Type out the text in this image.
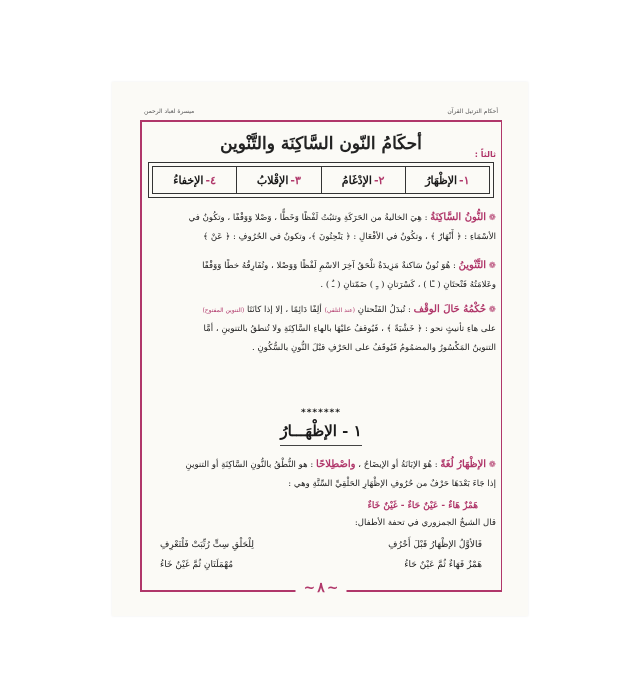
أحكام الترتيل القرآن
ميسرة لعباد الرحمن
~ ٨ ~
أحكَامُ النّون السَّاكِنَة والتَّنْوين
ثالثاً :
١-
الإظْهَارُ
٢-
الإدْغَامُ
٣-
الإقْلابُ
٤-
الإخفاءُ
❁ النُّونُ السَّاكِنَةُ : هِيَ الخاليةُ من الحَرَكَةِ وتثبُتُ لَفْظًا وَخَطًّا ، وَصْلا وَوَقْفًا ، وتكُونُ في
الأسْمَاءِ : ﴿ أَنْهَارٌ ﴾ ، وتكُونُ في الأفْعَالِ : ﴿ يَنْحِتُونَ ﴾، وتكونُ في الحُرُوفِ : ﴿ عَنْ ﴾
❁ التَّنْوينُ : هُوَ نُونٌ سَاكنةٌ مَزِيدَةٌ تلْحَقُ آخِرَ الاسْمِ لَفْظًا وَوَصْلا ، وتُفَارِقُهُ خطًا وَوَقْفًا
وعَلامَتُهُ فَتْحتَانِ ( ـًا ) ، كَسْرَتانِ ( ـٍ ) ضَمّتانِ ( ـٌ ) .
❁ حُكْمُهُ حَالَ الوقْف : تُبدَلُ الفَتْحتانِ (عند التلقي) ألِفًا دَائِمًا ، إلا إذا كانَتَا (التنوين المفتوح)
على هاءِ تأنيثٍ نحو : ﴿ خَشْيَةً ﴾ ، فَيُوقفُ عليْهَا بالهاءِ السَّاكِنَةِ ولا تُنطقُ بالتنوينِ ، أمَّا
التنوينُ المَكْسُورُ والمضمُومُ فَيُوقَفُ على الحَرْفِ قبْلَ النُّونِ بالسُّكُونِ .
*******
١ - الإظْهَـــارُ
❁ الإظْهَارُ لُغَةً : هُوَ الإبَانَةُ أو الإيضَاحُ ، واصْطِلاحًا : هو النُّطْقُ بالنُّونِ السَّاكِنَةِ أو التنوينِ
إذا جَاءَ بَعْدَهَا حَرْفٌ من حُرُوفِ الإظْهَارِ الحَلْقِيِّ السِّتَّةِ وهي :
هَمْزٌ هَاءٌ - عَيْنٌ حَاءٌ - غَيْنٌ خَاءٌ
قال الشيخُ الجمزوري في تحفة الأطفال:
فَالأوَّلُ الإظْهَارُ قَبْلَ أَحْرُفِ
لِلْحَلْقِ سِتٍّ رُتِّبَتْ فَلْتَعْرِفِ
هَمْزٌ فَهَاءٌ ثُمَّ عَيْنٌ حَاءُ
مُهْمَلَتَانِ ثُمَّ غَيْنٌ خَاءُ
